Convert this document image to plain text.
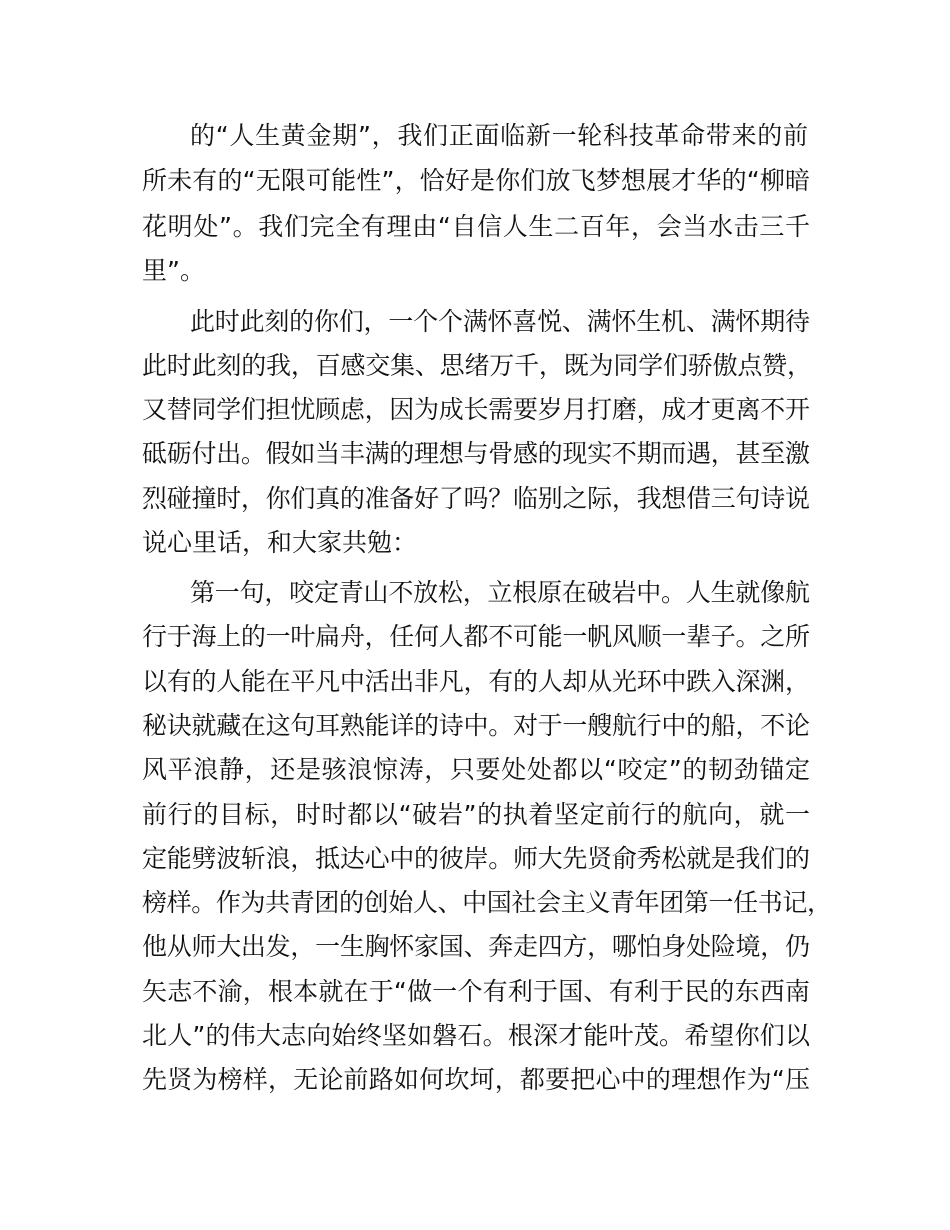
的“人生黄金期”，我们正面临新一轮科技革命带来的前
所未有的“无限可能性”，恰好是你们放飞梦想展才华的“柳暗
花明处”。我们完全有理由“自信人生二百年，会当水击三千
里”。
此时此刻的你们，一个个满怀喜悦、满怀生机、满怀期待
此时此刻的我，百感交集、思绪万千，既为同学们骄傲点赞，
又替同学们担忧顾虑，因为成长需要岁月打磨，成才更离不开
砥砺付出。假如当丰满的理想与骨感的现实不期而遇，甚至激
烈碰撞时，你们真的准备好了吗？临别之际，我想借三句诗说
说心里话，和大家共勉：
第一句，咬定青山不放松，立根原在破岩中。人生就像航
行于海上的一叶扁舟，任何人都不可能一帆风顺一辈子。之所
以有的人能在平凡中活出非凡，有的人却从光环中跌入深渊，
秘诀就藏在这句耳熟能详的诗中。对于一艘航行中的船，不论
风平浪静，还是骇浪惊涛，只要处处都以“咬定”的韧劲锚定
前行的目标，时时都以“破岩”的执着坚定前行的航向，就一
定能劈波斩浪，抵达心中的彼岸。师大先贤俞秀松就是我们的
榜样。作为共青团的创始人、中国社会主义青年团第一任书记，
他从师大出发，一生胸怀家国、奔走四方，哪怕身处险境，仍
矢志不渝，根本就在于“做一个有利于国、有利于民的东西南
北人”的伟大志向始终坚如磐石。根深才能叶茂。希望你们以
先贤为榜样，无论前路如何坎坷，都要把心中的理想作为“压
